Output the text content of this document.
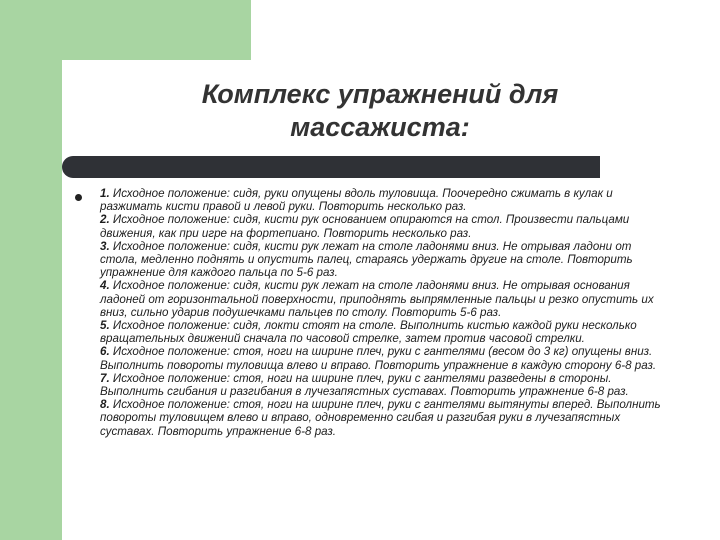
Комплекс упражнений для
массажиста:
1. Исходное положение: сидя, руки опущены вдоль туловища. Поочередно сжимать в кулак и разжимать кисти правой и левой руки. Повторить несколько раз.
2. Исходное положение: сидя, кисти рук основанием опираются на стол. Произвести пальцами движения, как при игре на фортепиано. Повторить несколько раз.
3. Исходное положение: сидя, кисти рук лежат на столе ладонями вниз. Не отрывая ладони от стола, медленно поднять и опустить палец, стараясь удержать другие на столе. Повторить упражнение для каждого пальца по 5-6 раз.
4. Исходное положение: сидя, кисти рук лежат на столе ладонями вниз. Не отрывая основания ладоней от горизонтальной поверхности, приподнять выпрямленные пальцы и резко опустить их вниз, сильно ударив подушечками пальцев по столу. Повторить 5-6 раз.
5. Исходное положение: сидя, локти стоят на столе. Выполнить кистью каждой руки несколько вращательных движений сначала по часовой стрелке, затем против часовой стрелки.
6. Исходное положение: стоя, ноги на ширине плеч, руки с гантелями (весом до 3 кг) опущены вниз. Выполнить повороты туловища влево и вправо. Повторить упражнение в каждую сторону 6-8 раз.
7. Исходное положение: стоя, ноги на ширине плеч, руки с гантелями разведены в стороны. Выполнить сгибания и разгибания в лучезапястных суставах. Повторить упражнение 6-8 раз.
8. Исходное положение: стоя, ноги на ширине плеч, руки с гантелями вытянуты вперед. Выполнить повороты туловищем влево и вправо, одновременно сгибая и разгибая руки в лучезапястных суставах. Повторить упражнение 6-8 раз.
